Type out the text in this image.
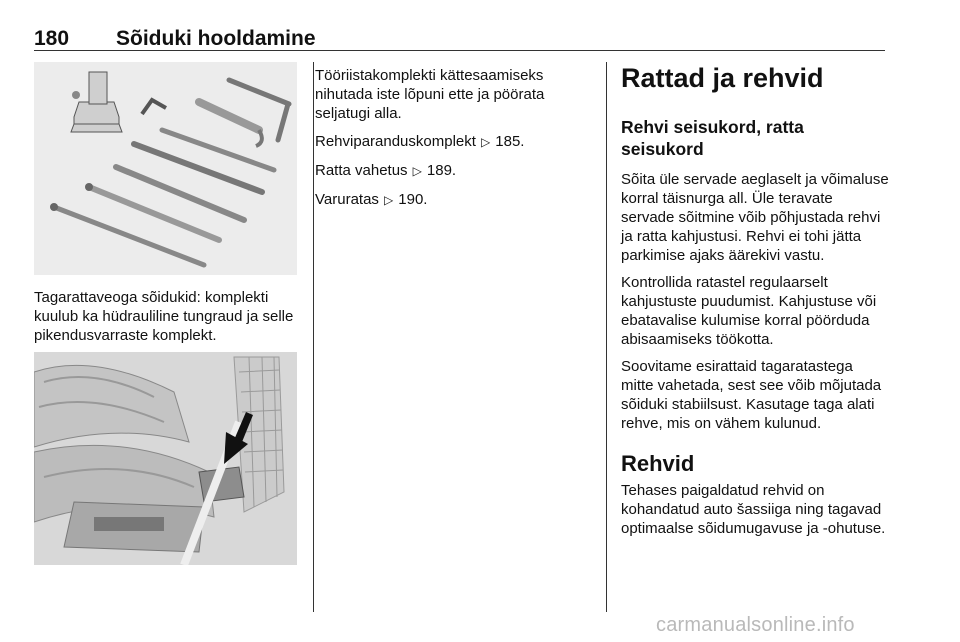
180 Sõiduki hooldamine
Tagarattaveoga sõidukid: komplekti kuulub ka hüdrauliline tungraud ja selle pikendusvarraste komplekt.

Tööriistakomplekti kättesaamiseks nihutada iste lõpuni ette ja pöörata seljatugi alla.

Rehviparanduskomplekt ▷ 185.

Ratta vahetus ▷ 189.

Varuratas ▷ 190.

Rattad ja rehvid
Rehvi seisukord, ratta seisukord

Sõita üle servade aeglaselt ja võimaluse korral täisnurga all. Üle teravate servade sõitmine võib põhjustada rehvi ja ratta kahjustusi. Rehvi ei tohi jätta parkimise ajaks äärekivi vastu.

Kontrollida ratastel regulaarselt kahjustuste puudumist. Kahjustuse või ebatavalise kulumise korral pöörduda abisaamiseks töökotta.

Soovitame esirattaid tagaratastega mitte vahetada, sest see võib mõjutada sõiduki stabiilsust. Kasutage taga alati rehve, mis on vähem kulunud.

Rehvid

Tehases paigaldatud rehvid on kohandatud auto šassiiga ning tagavad optimaalse sõidumugavuse ja -ohutuse.

carmanualsonline.info
